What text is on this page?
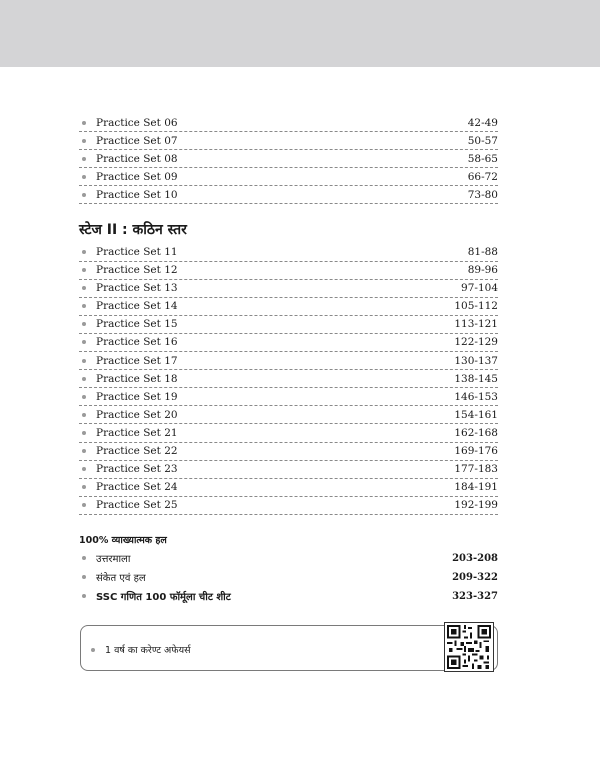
Practice Set 06	42-49
Practice Set 07	50-57
Practice Set 08	58-65
Practice Set 09	66-72
Practice Set 10	73-80
स्टेज II : कठिन स्तर
Practice Set 11	81-88
Practice Set 12	89-96
Practice Set 13	97-104
Practice Set 14	105-112
Practice Set 15	113-121
Practice Set 16	122-129
Practice Set 17	130-137
Practice Set 18	138-145
Practice Set 19	146-153
Practice Set 20	154-161
Practice Set 21	162-168
Practice Set 22	169-176
Practice Set 23	177-183
Practice Set 24	184-191
Practice Set 25	192-199
100% व्याख्यात्मक हल
उत्तरमाला	203-208
संकेत एवं हल	209-322
SSC गणित 100 फॉर्मूला चीट शीट	323-327
1 वर्ष का करेण्ट अफेयर्स
